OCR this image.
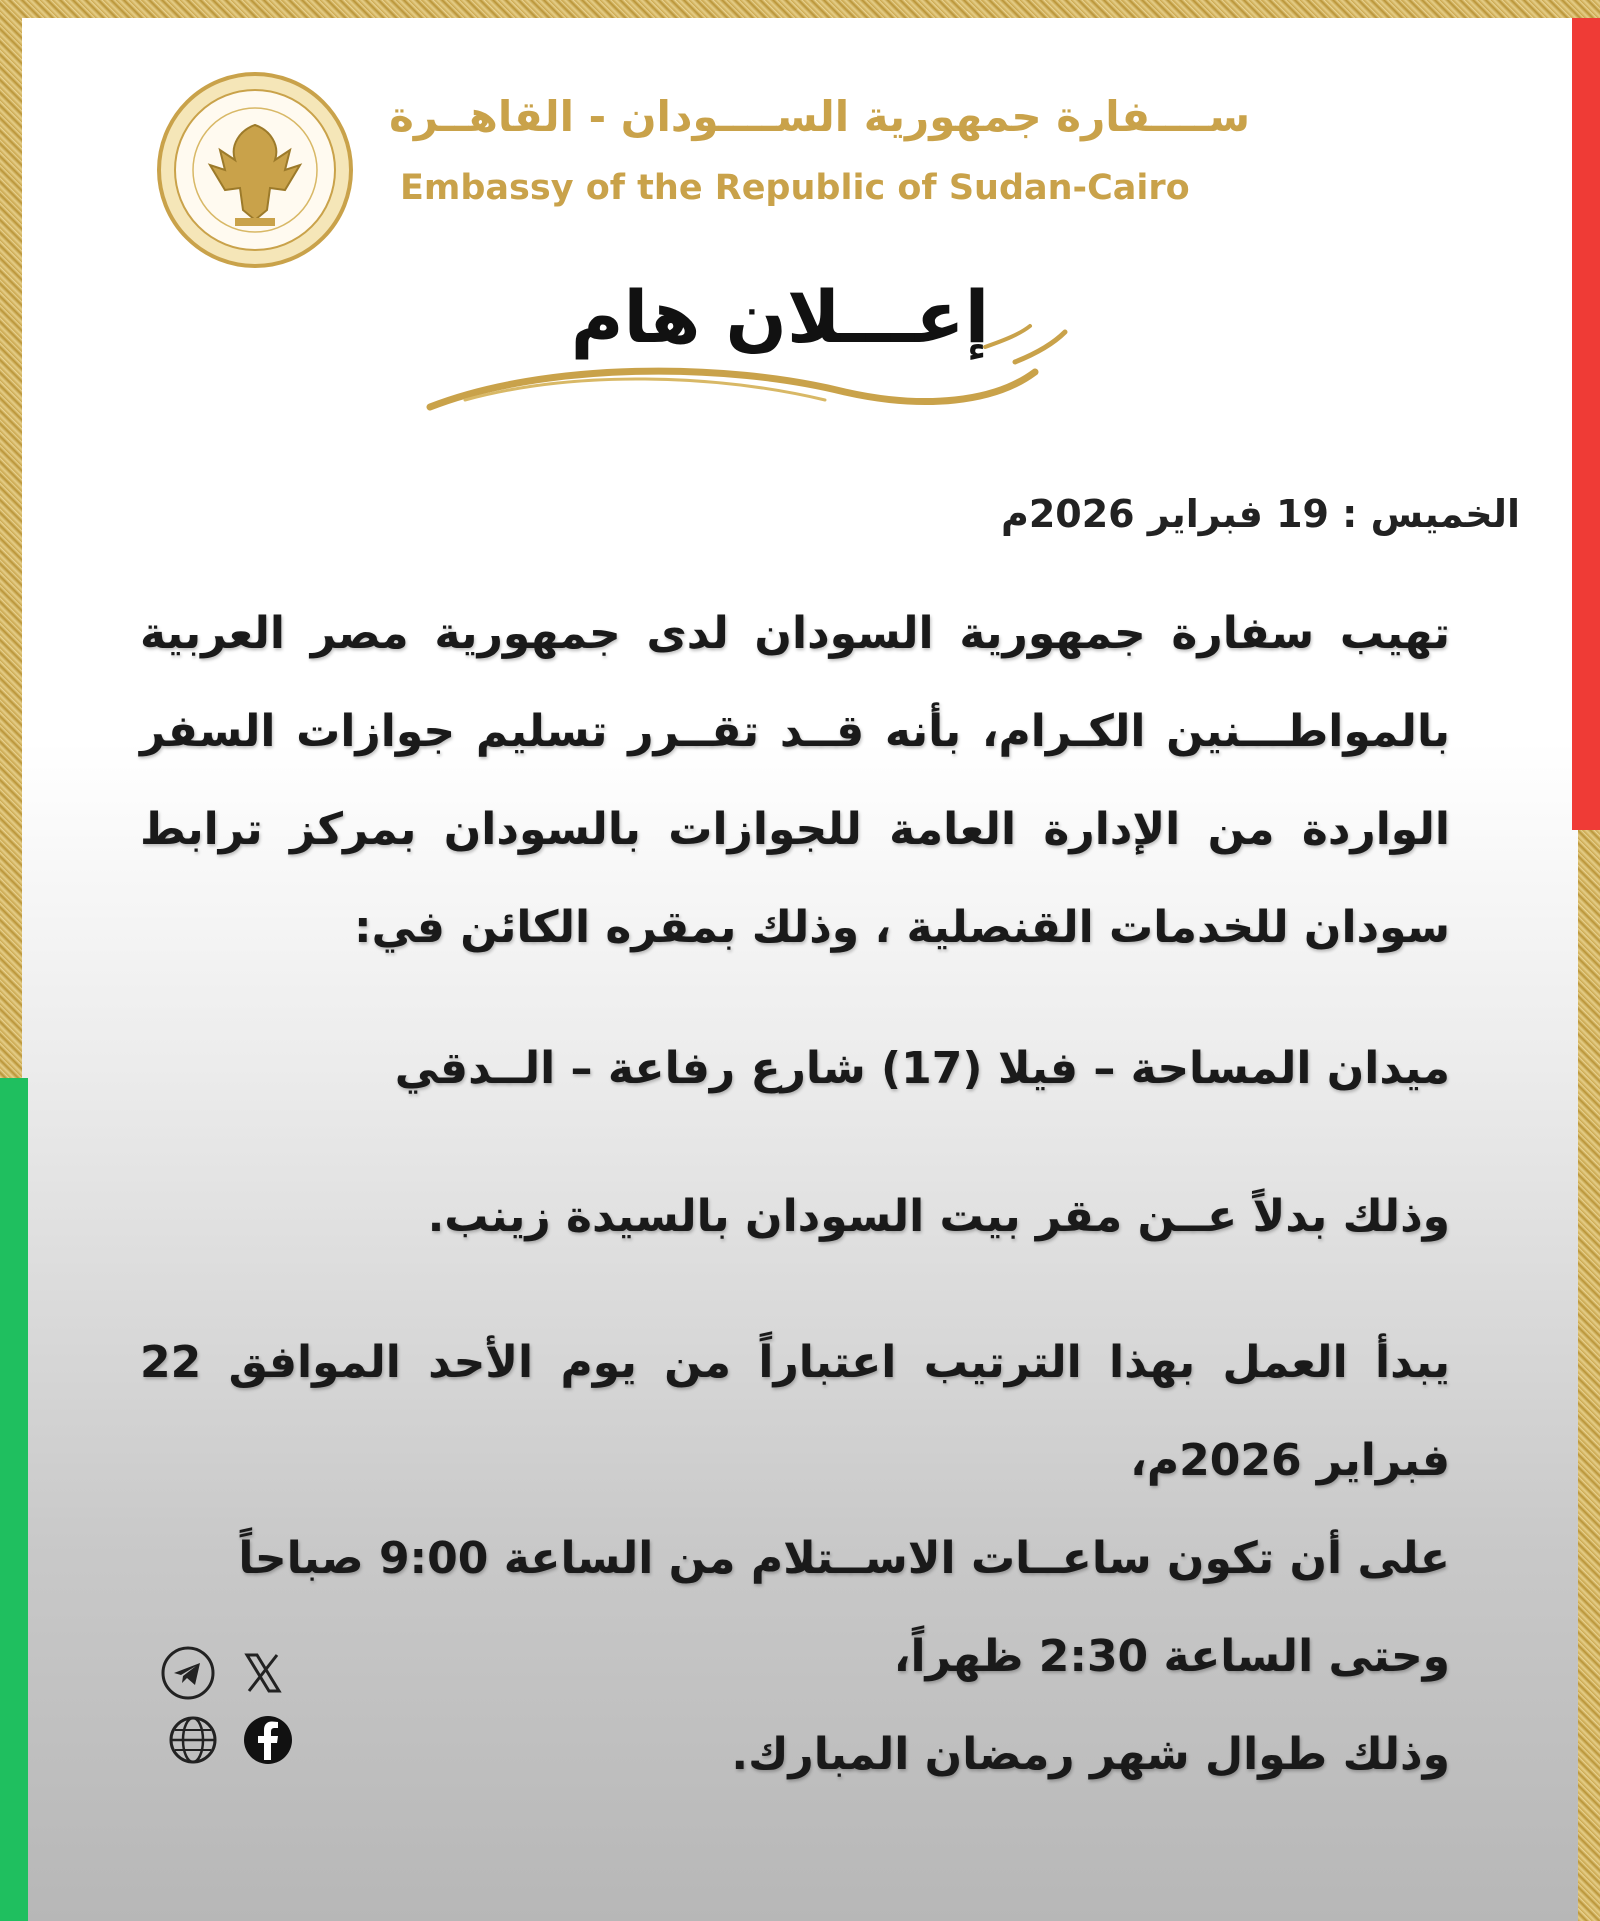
ســــفارة جمهورية الســــودان - القاهــرة
Embassy of the Republic of Sudan-Cairo
إعـــلان هام
الخميس : 19 فبراير 2026م
تهيب سفارة جمهورية السودان لدى جمهورية مصر العربية بالمواطـــنين الكـرام، بأنه قــد تقــرر تسليم جوازات السفر الواردة من الإدارة العامة للجوازات بالسودان بمركز ترابط سودان للخدمات القنصلية ، وذلك بمقره الكائن في:
ميدان المساحة – فيلا (17) شارع رفاعة – الــدقي
وذلك بدلاً عــن مقر بيت السودان بالسيدة زينب.
يبدأ العمل بهذا الترتيب اعتباراً من يوم الأحد الموافق 22 فبراير 2026م،
على أن تكون ساعــات الاســتلام من الساعة 9:00 صباحاً
وحتى الساعة 2:30 ظهراً،
وذلك طوال شهر رمضان المبارك.
